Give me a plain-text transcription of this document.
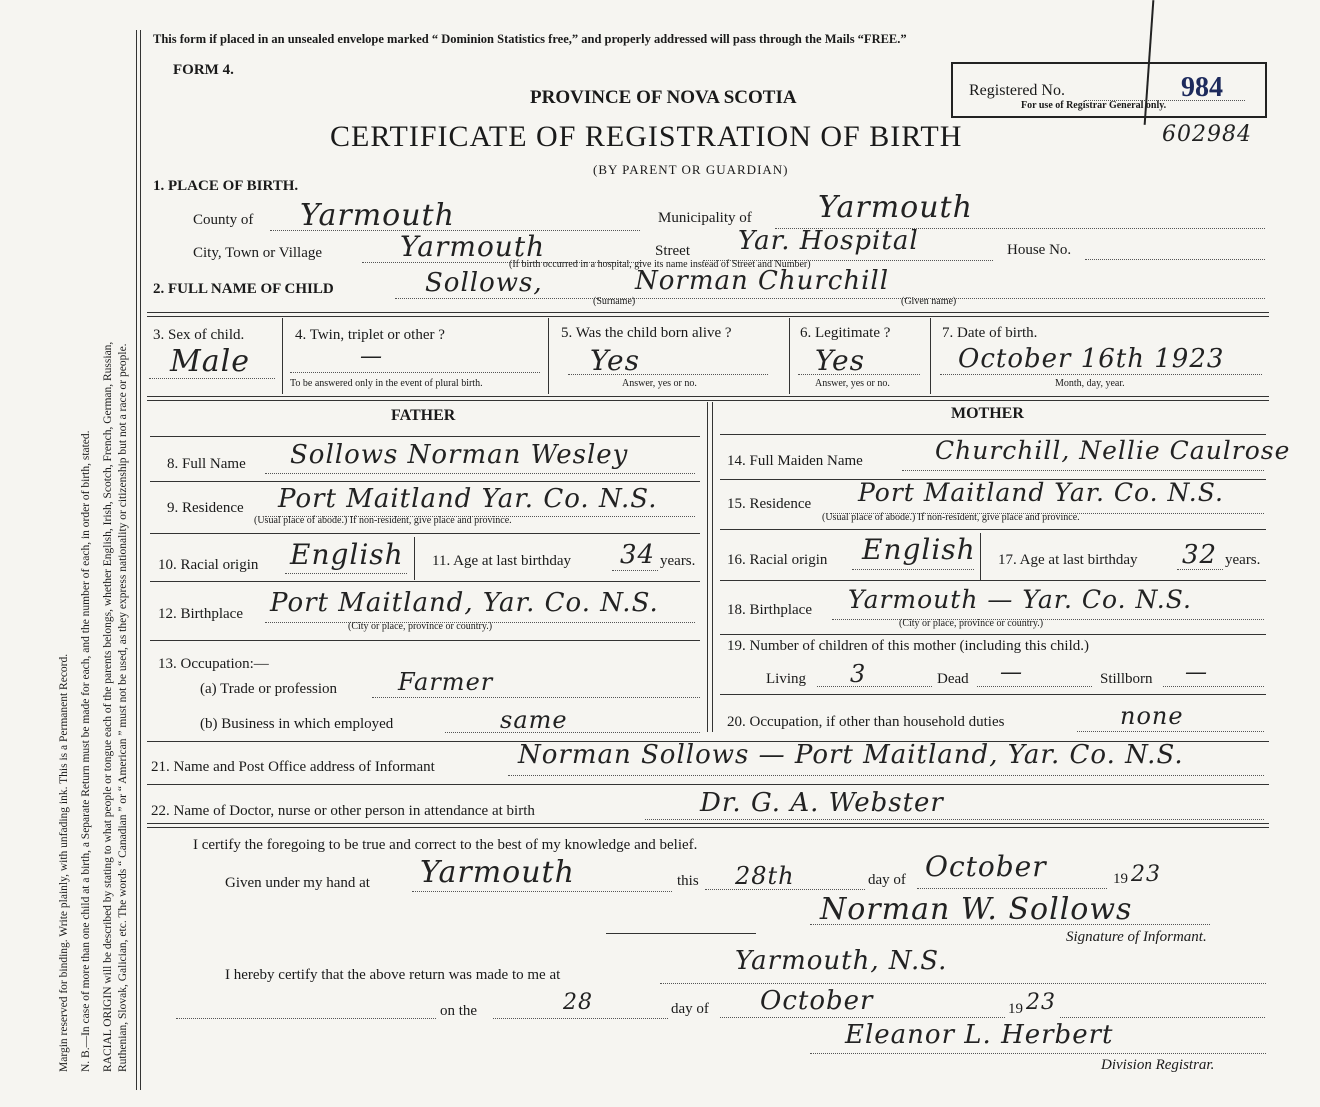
Margin reserved for binding. Write plainly, with unfading ink. This is a Permanent Record. N. B.—In case of more than one child at a birth, a Separate Return must be made for each, and the number of each, in order of birth, stated. RACIAL ORIGIN will be described by stating to what people or tongue each of the parents belongs, whether English, Irish, Scotch, French, German, Russian, Ruthenian, Slovak, Galician, etc. The words “ Canadian ” or “ American ” must not be used, as they express nationality or citizenship but not a race or people.
This form if placed in an unsealed envelope marked “ Dominion Statistics free,” and properly addressed will pass through the Mails “FREE.”
FORM 4.
PROVINCE OF NOVA SCOTIA
CERTIFICATE OF REGISTRATION OF BIRTH
(BY PARENT OR GUARDIAN)
Registered No.	984
For use of Registrar General only.
602984
1. PLACE OF BIRTH.
County of Yarmouth	Municipality of Yarmouth
City, Town or Village	Yarmouth	Street Yar. Hospital	House No.
(If birth occurred in a hospital, give its name instead of Street and Number)
2. FULL NAME OF CHILD	Sollows,	Norman Churchill
(Surname)	(Given name)
3. Sex of child.
Male
4. Twin, triplet or other ?
—
To be answered only in the event of plural birth.
5. Was the child born alive ?
Yes
Answer, yes or no.
6. Legitimate ?
Yes
Answer, yes or no.
7. Date of birth.
October 16th 1923
Month, day, year.
FATHER	MOTHER
8. Full Name Sollows Norman Wesley
9. Residence Port Maitland Yar. Co. N.S.
(Usual place of abode.) If non-resident, give place and province.
10. Racial origin English 11. Age at last birthday 34 years.
12. Birthplace Port Maitland, Yar. Co. N.S.
(City or place, province or country.)
13. Occupation:—
(a) Trade or profession	Farmer
(b) Business in which employed	same
14. Full Maiden Name	Churchill, Nellie Caulrose
15. Residence Port Maitland Yar. Co. N.S.
(Usual place of abode.) If non-resident, give place and province.
16. Racial origin English 17. Age at last birthday 32 years.
18. Birthplace Yarmouth — Yar. Co. N.S.
(City or place, province or country.)
19. Number of children of this mother (including this child.)
Living 3	Dead —	Stillborn —
20. Occupation, if other than household duties	none
21. Name and Post Office address of Informant	Norman Sollows — Port Maitland, Yar. Co. N.S.
22. Name of Doctor, nurse or other person in attendance at birth	Dr. G. A. Webster
I certify the foregoing to be true and correct to the best of my knowledge and belief.
Given under my hand at Yarmouth	this 28th	day of October	19 23
Norman W. Sollows
Signature of Informant.
I hereby certify that the above return was made to me at	Yarmouth, N.S.
on the	28	day of October	19 23
Eleanor L. Herbert
Division Registrar.
